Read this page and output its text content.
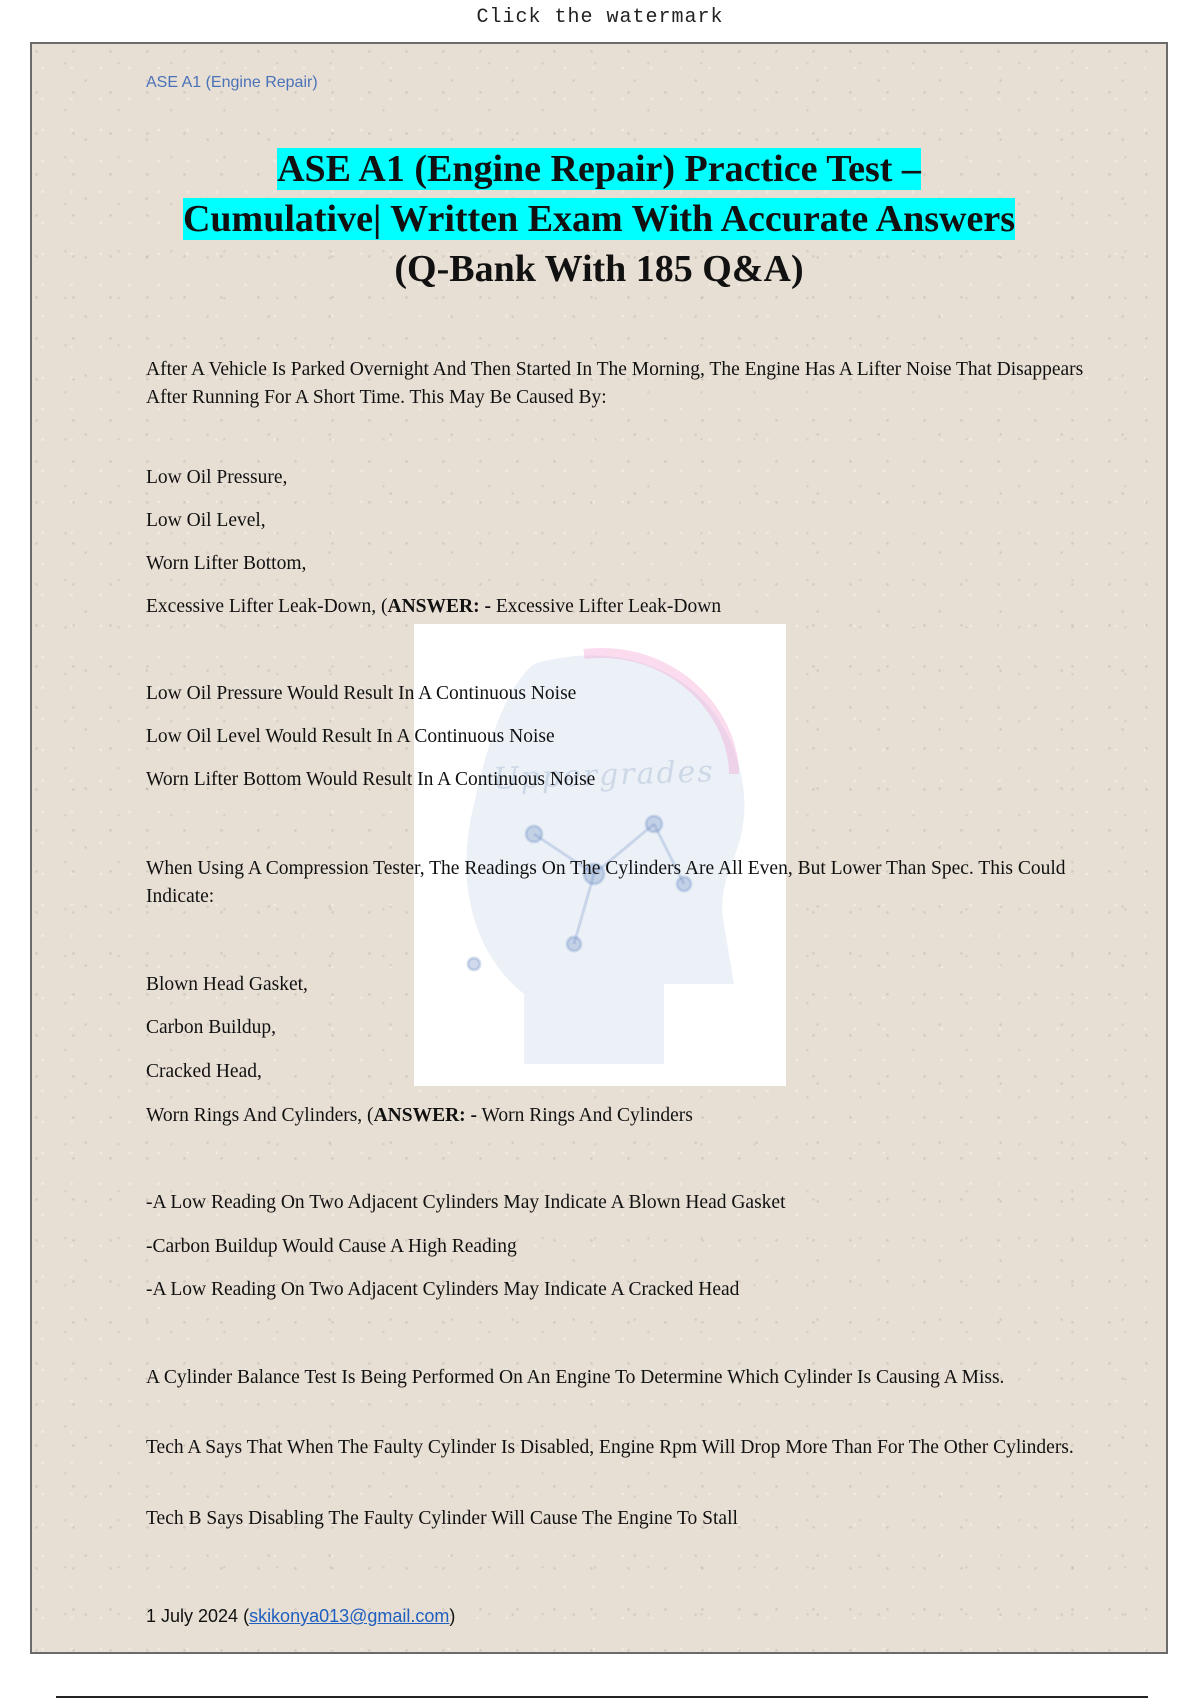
Click the watermark
ASE A1 (Engine Repair)
ASE A1 (Engine Repair) Practice Test –
Cumulative| Written Exam With Accurate Answers
(Q-Bank With 185 Q&A)
Uppergrades
After A Vehicle Is Parked Overnight And Then Started In The Morning, The Engine Has A Lifter Noise That Disappears After Running For A Short Time. This May Be Caused By:
Low Oil Pressure,
Low Oil Level,
Worn Lifter Bottom,
Excessive Lifter Leak-Down, (ANSWER: - Excessive Lifter Leak-Down
Low Oil Pressure Would Result In A Continuous Noise
Low Oil Level Would Result In A Continuous Noise
Worn Lifter Bottom Would Result In A Continuous Noise
When Using A Compression Tester, The Readings On The Cylinders Are All Even, But Lower Than Spec. This Could Indicate:
Blown Head Gasket,
Carbon Buildup,
Cracked Head,
Worn Rings And Cylinders, (ANSWER: - Worn Rings And Cylinders
-A Low Reading On Two Adjacent Cylinders May Indicate A Blown Head Gasket
-Carbon Buildup Would Cause A High Reading
-A Low Reading On Two Adjacent Cylinders May Indicate A Cracked Head
A Cylinder Balance Test Is Being Performed On An Engine To Determine Which Cylinder Is Causing A Miss.
Tech A Says That When The Faulty Cylinder Is Disabled, Engine Rpm Will Drop More Than For The Other Cylinders.
Tech B Says Disabling The Faulty Cylinder Will Cause The Engine To Stall
1 July 2024 (skikonya013@gmail.com)
